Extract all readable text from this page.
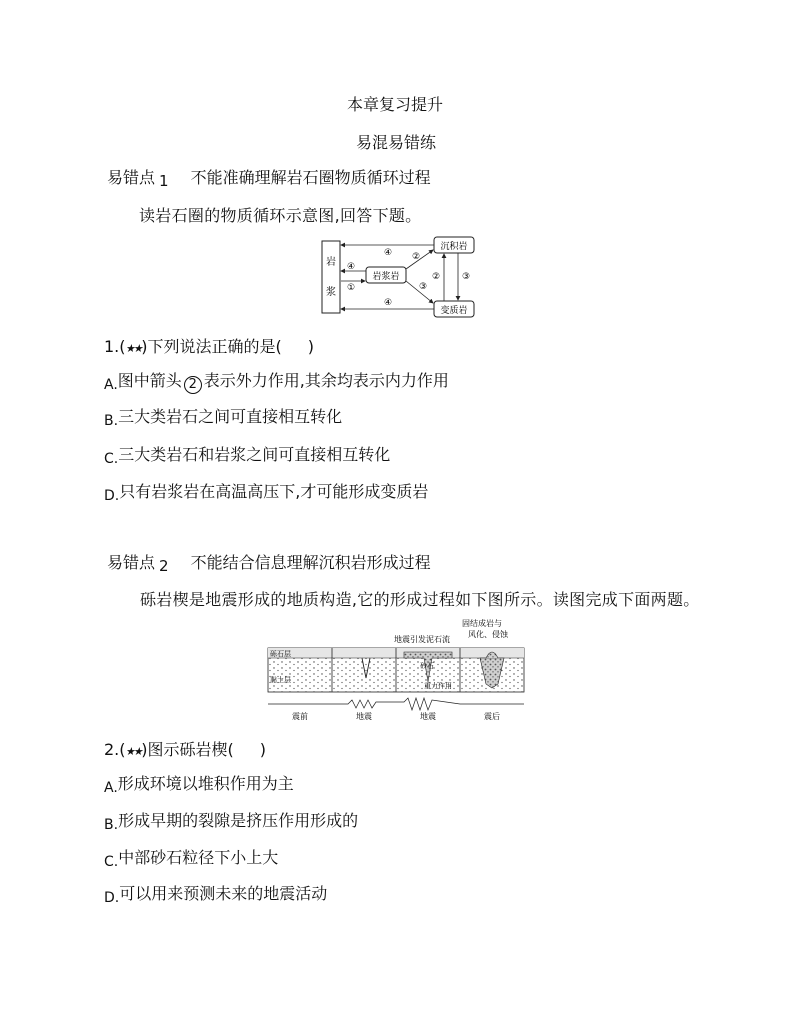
本章复习提升
易混易错练
易错点 1 不能准确理解岩石圈物质循环过程
读岩石圈的物质循环示意图,回答下题。
岩
浆
岩浆岩
沉积岩
变质岩
④
④
①
②
③
④
② ③
1.(★★)下列说法正确的是( )
A.图中箭头 2 表示外力作用,其余均表示内力作用
B.三大类岩石之间可直接相互转化
C.三大类岩石和岩浆之间可直接相互转化
D.只有岩浆岩在高温高压下,才可能形成变质岩
易错点 2 不能结合信息理解沉积岩形成过程
砾岩楔是地震形成的地质构造,它的形成过程如下图所示。读图完成下面两题。
固结成岩与
风化、侵蚀
地震引发泥石流
砾石层
黏土层
砂石
重力作用
震前	地震	地震	震后
2.(★★)图示砾岩楔( )
A.形成环境以堆积作用为主
B.形成早期的裂隙是挤压作用形成的
C.中部砂石粒径下小上大
D.可以用来预测未来的地震活动
